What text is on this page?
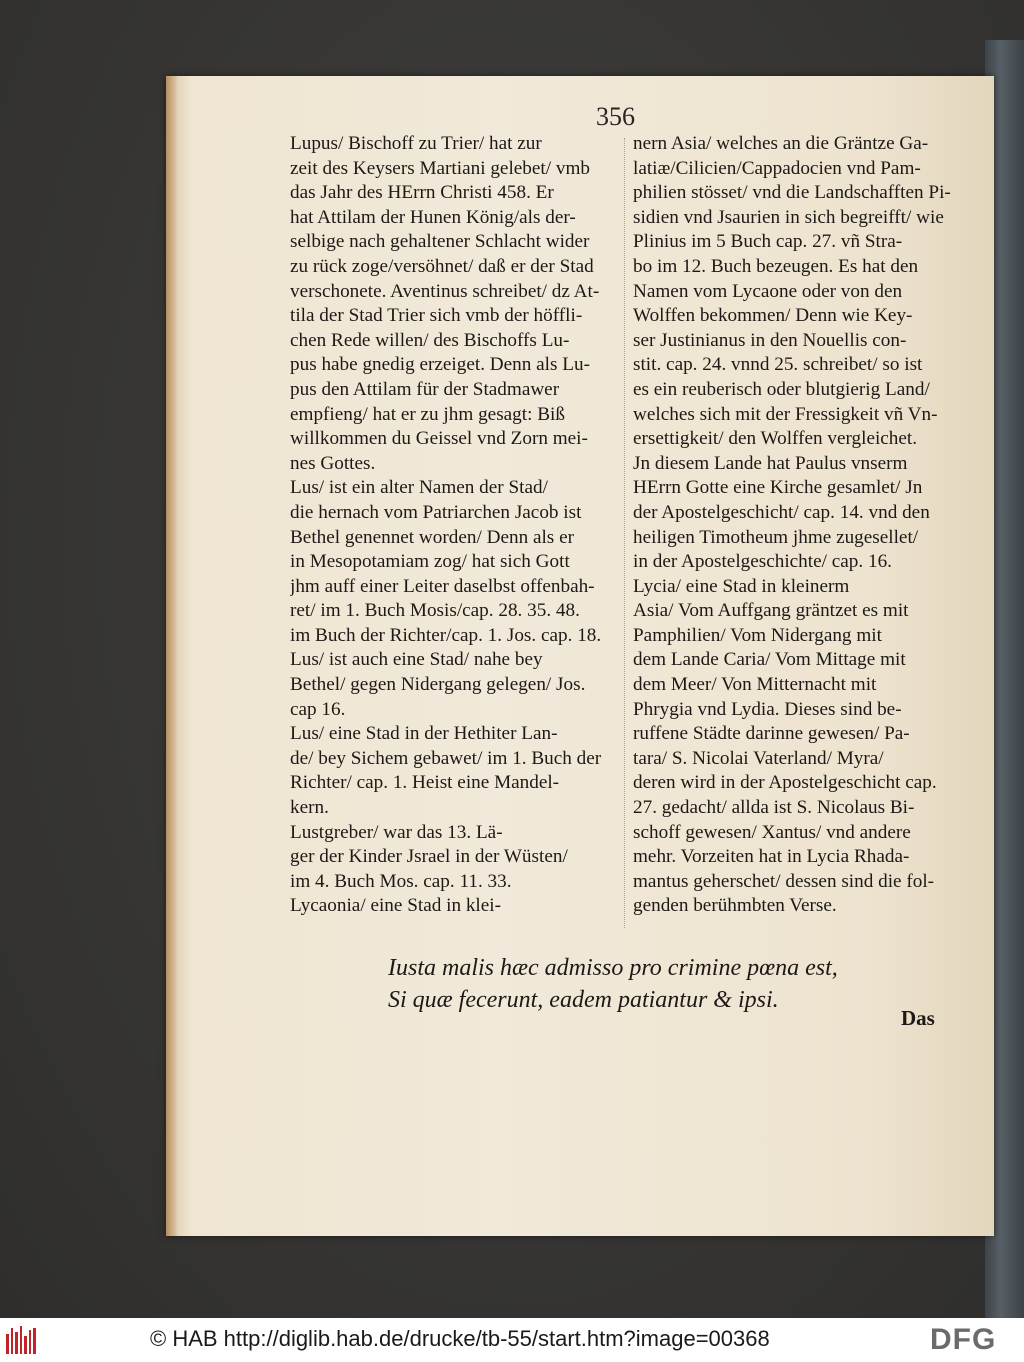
356
Lupus/ Bischoff zu Trier/ hat zur
zeit des Keysers Martiani gelebet/ vmb
das Jahr des HErrn Christi 458. Er
hat Attilam der Hunen König/als der-
selbige nach gehaltener Schlacht wider
zu rück zoge/versöhnet/ daß er der Stad
verschonete. Aventinus schreibet/ dz At-
tila der Stad Trier sich vmb der höffli-
chen Rede willen/ des Bischoffs Lu-
pus habe gnedig erzeiget. Denn als Lu-
pus den Attilam für der Stadmawer
empfieng/ hat er zu jhm gesagt: Biß
willkommen du Geissel vnd Zorn mei-
nes Gottes.
Lus/ ist ein alter Namen der Stad/
die hernach vom Patriarchen Jacob ist
Bethel genennet worden/ Denn als er
in Mesopotamiam zog/ hat sich Gott
jhm auff einer Leiter daselbst offenbah-
ret/ im 1. Buch Mosis/cap. 28. 35. 48.
im Buch der Richter/cap. 1. Jos. cap. 18.
Lus/ ist auch eine Stad/ nahe bey
Bethel/ gegen Nidergang gelegen/ Jos.
cap 16.
Lus/ eine Stad in der Hethiter Lan-
de/ bey Sichem gebawet/ im 1. Buch der
Richter/ cap. 1. Heist eine Mandel-
kern.
Lustgreber/ war das 13. Lä-
ger der Kinder Jsrael in der Wüsten/
im 4. Buch Mos. cap. 11. 33.
Lycaonia/ eine Stad in klei-
nern Asia/ welches an die Gräntze Ga-
latiæ/Cilicien/Cappadocien vnd Pam-
philien stösset/ vnd die Landschafften Pi-
sidien vnd Jsaurien in sich begreifft/ wie
Plinius im 5 Buch cap. 27. vñ Stra-
bo im 12. Buch bezeugen. Es hat den
Namen vom Lycaone oder von den
Wolffen bekommen/ Denn wie Key-
ser Justinianus in den Nouellis con-
stit. cap. 24. vnnd 25. schreibet/ so ist
es ein reuberisch oder blutgierig Land/
welches sich mit der Fressigkeit vñ Vn-
ersettigkeit/ den Wolffen vergleichet.
Jn diesem Lande hat Paulus vnserm
HErrn Gotte eine Kirche gesamlet/ Jn
der Apostelgeschicht/ cap. 14. vnd den
heiligen Timotheum jhme zugesellet/
in der Apostelgeschichte/ cap. 16.
Lycia/ eine Stad in kleinerm
Asia/ Vom Auffgang gräntzet es mit
Pamphilien/ Vom Nidergang mit
dem Lande Caria/ Vom Mittage mit
dem Meer/ Von Mitternacht mit
Phrygia vnd Lydia. Dieses sind be-
ruffene Städte darinne gewesen/ Pa-
tara/ S. Nicolai Vaterland/ Myra/
deren wird in der Apostelgeschicht cap.
27. gedacht/ allda ist S. Nicolaus Bi-
schoff gewesen/ Xantus/ vnd andere
mehr. Vorzeiten hat in Lycia Rhada-
mantus geherschet/ dessen sind die fol-
genden berühmbten Verse.
Iusta malis hæc admisso pro crimine pœna est,
Si quæ fecerunt, eadem patiantur & ipsi.
Das
© HAB http://diglib.hab.de/drucke/tb-55/start.htm?image=00368	DFG
